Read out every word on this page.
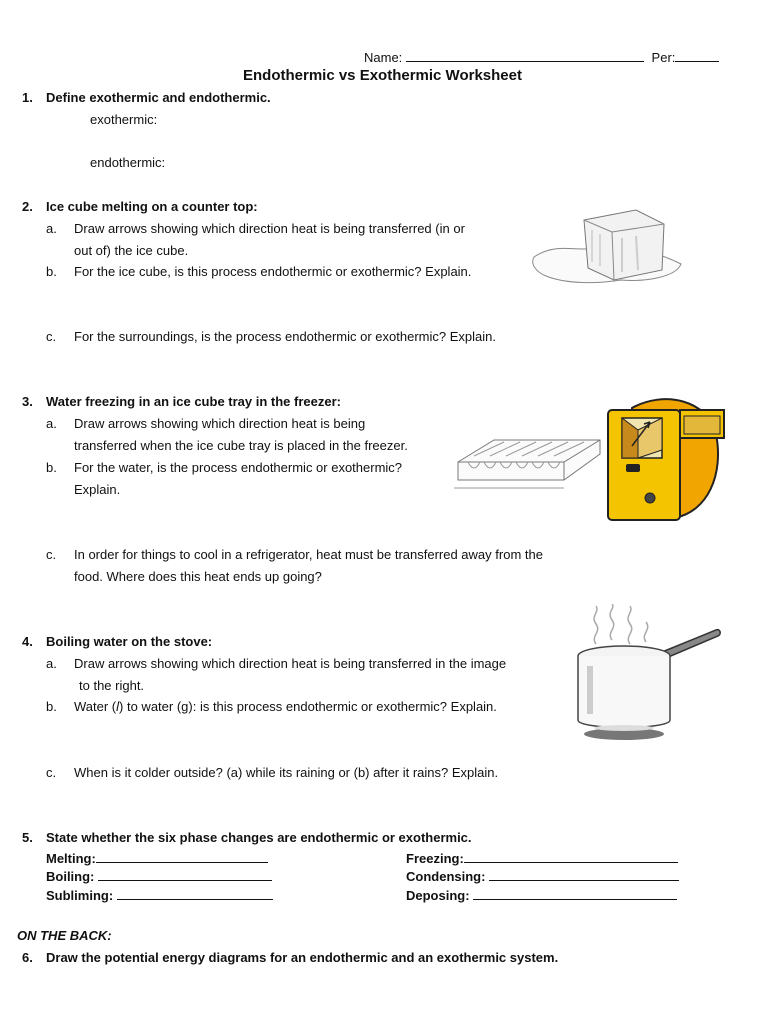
Name:	Per:
Endothermic vs Exothermic Worksheet
1. Define exothermic and endothermic.
exothermic:
endothermic:
2. Ice cube melting on a counter top:
a. Draw arrows showing which direction heat is being transferred (in or
out of) the ice cube.
b. For the ice cube, is this process endothermic or exothermic? Explain.
c. For the surroundings, is the process endothermic or exothermic? Explain.
3. Water freezing in an ice cube tray in the freezer:
a. Draw arrows showing which direction heat is being
transferred when the ice cube tray is placed in the freezer.
b. For the water, is the process endothermic or exothermic?
Explain.
c. In order for things to cool in a refrigerator, heat must be transferred away from the
food. Where does this heat ends up going?
4. Boiling water on the stove:
a. Draw arrows showing which direction heat is being transferred in the image
to the right.
b. Water (l) to water (g): is this process endothermic or exothermic? Explain.
c. When is it colder outside? (a) while its raining or (b) after it rains? Explain.
5. State whether the six phase changes are endothermic or exothermic.
Melting:
Boiling:
Subliming:
Freezing:
Condensing:
Deposing:
ON THE BACK:
6. Draw the potential energy diagrams for an endothermic and an exothermic system.
